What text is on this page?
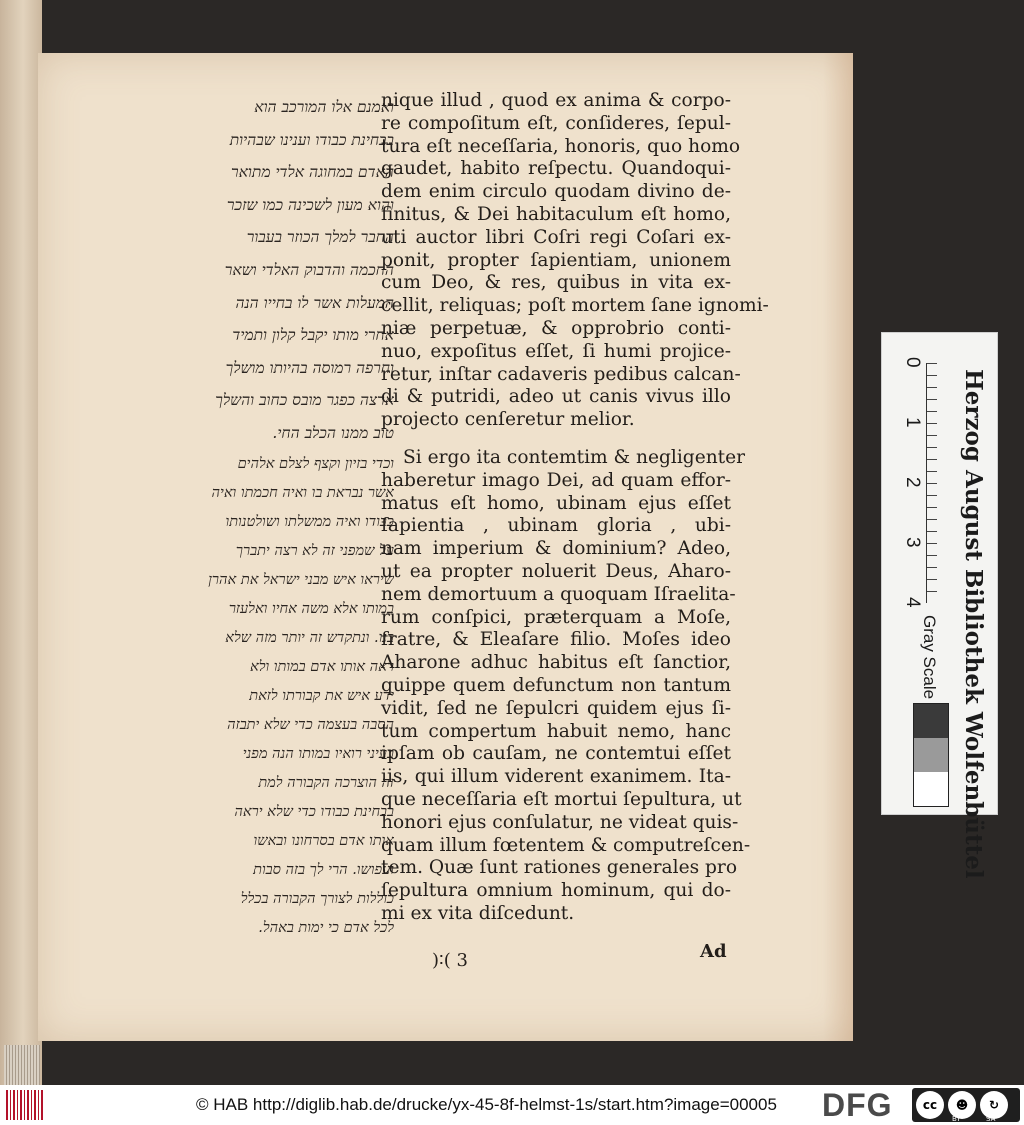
ואמנם אלו המורכב הוא
בבחינת כבודו וענינו שבהיות
האדם במחוגה אלדי מתואר
והוא מעון לשכינה כמו שזכר
החבר למלך הכוזר בעבור
החכמה והדבוק האלדי ושאר
המעלות אשר לו בחייו הנה
אחרי מותו יקבל קלון ותמיד
וחרפה רמוסה בהיותו מושלך
ארצה כפגר מובס כחוב והשלך
טוב ממנו הכלב החי.
וכדי בזיון וקצף לצלם אלהים
אשר נבראת בו ואיה חכמתו ואיה
כבודו ואיה ממשלתו ושולטנותו
על שמפני זה לא רצה יתברך
שיראו איש מבני ישראל את אהרן
במותו אלא משה אחיו ואלעזר
בנו. ונתקדש זה יותר מזה שלא
ראה אותו אדם במותו ולא
ידע איש את קבורתו לזאת
הסבה בעצמה כדי שלא יתבזה
בעיני רואיו במותו הנה מפני
זה הוצרכה הקבורה למת
בבחינת כבודו כדי שלא יראה
אותו אדם בסרחונו ובאשו
ועפושו. הרי לך בזה סבות
כוללות לצורך הקבורה בכלל
לכל אדם כי ימות באהל.
nique illud , quod ex anima & corpo-
re compoſitum eſt, conſideres, ſepul-
tura eſt neceſſaria, honoris, quo homo
gaudet, habito reſpectu. Quandoqui-
dem enim circulo quodam divino de-
finitus, & Dei habitaculum eſt homo,
uti auctor libri Coſri regi Coſari ex-
ponit, propter ſapientiam, unionem
cum Deo, & res, quibus in vita ex-
cellit, reliquas; poſt mortem ſane ignomi-
niæ perpetuæ, & opprobrio conti-
nuo, expoſitus eſſet, ſi humi projice-
retur, inſtar cadaveris pedibus calcan-
di & putridi, adeo ut canis vivus illo
projecto cenſeretur melior.
Si ergo ita contemtim & negligenter
haberetur imago Dei, ad quam effor-
matus eſt homo, ubinam ejus eſſet
ſapientia , ubinam gloria , ubi-
nam imperium & dominium? Adeo,
ut ea propter noluerit Deus, Aharo-
nem demortuum a quoquam Iſraelita-
rum conſpici, præterquam a Moſe,
fratre, & Eleaſare filio. Moſes ideo
Aharone adhuc habitus eſt ſanctior,
quippe quem defunctum non tantum
vidit, ſed ne ſepulcri quidem ejus ſi-
tum compertum habuit nemo, hanc
ipſam ob cauſam, ne contemtui eſſet
iis, qui illum viderent exanimem. Ita-
que neceſſaria eſt mortui ſepultura, ut
honori ejus conſulatur, ne videat quis-
quam illum fœtentem & computreſcen-
tem. Quæ ſunt rationes generales pro
ſepultura omnium hominum, qui do-
mi ex vita diſcedunt.
)∶( 3	Ad
Herzog August Bibliothek Wolfenbüttel
0
1
2
3
4
Gray Scale
© HAB http://diglib.hab.de/drucke/yx-45-8f-helmst-1s/start.htm?image=00005 DFG	cc	☻	↻
BY	SA
